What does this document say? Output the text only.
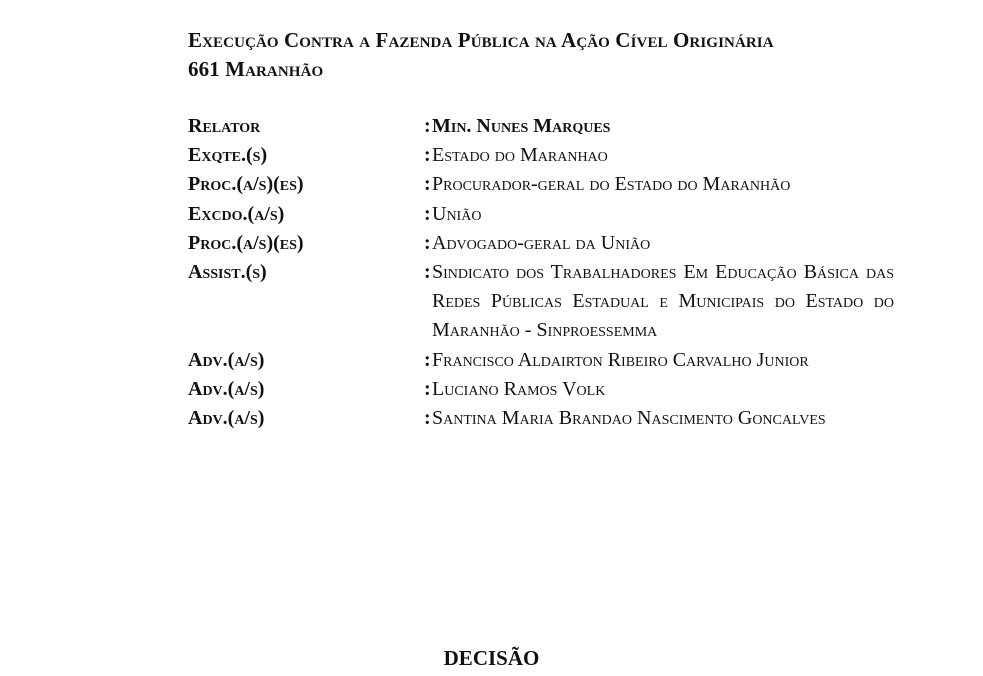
Execução Contra a Fazenda Pública na Ação Cível Originária
661 Maranhão
Relator	: Min. Nunes Marques
Exqte.(s)	: Estado do Maranhao
Proc.(a/s)(es)	: Procurador-geral do Estado do Maranhão
Excdo.(a/s)	: União
Proc.(a/s)(es)	: Advogado-geral da União
Assist.(s)	: Sindicato dos Trabalhadores Em Educação Básica das Redes Públicas Estadual e Municipais do Estado do Maranhão - Sinproessemma
Adv.(a/s)	: Francisco Aldairton Ribeiro Carvalho Junior
Adv.(a/s)	: Luciano Ramos Volk
Adv.(a/s)	: Santina Maria Brandao Nascimento Goncalves
DECISÃO
